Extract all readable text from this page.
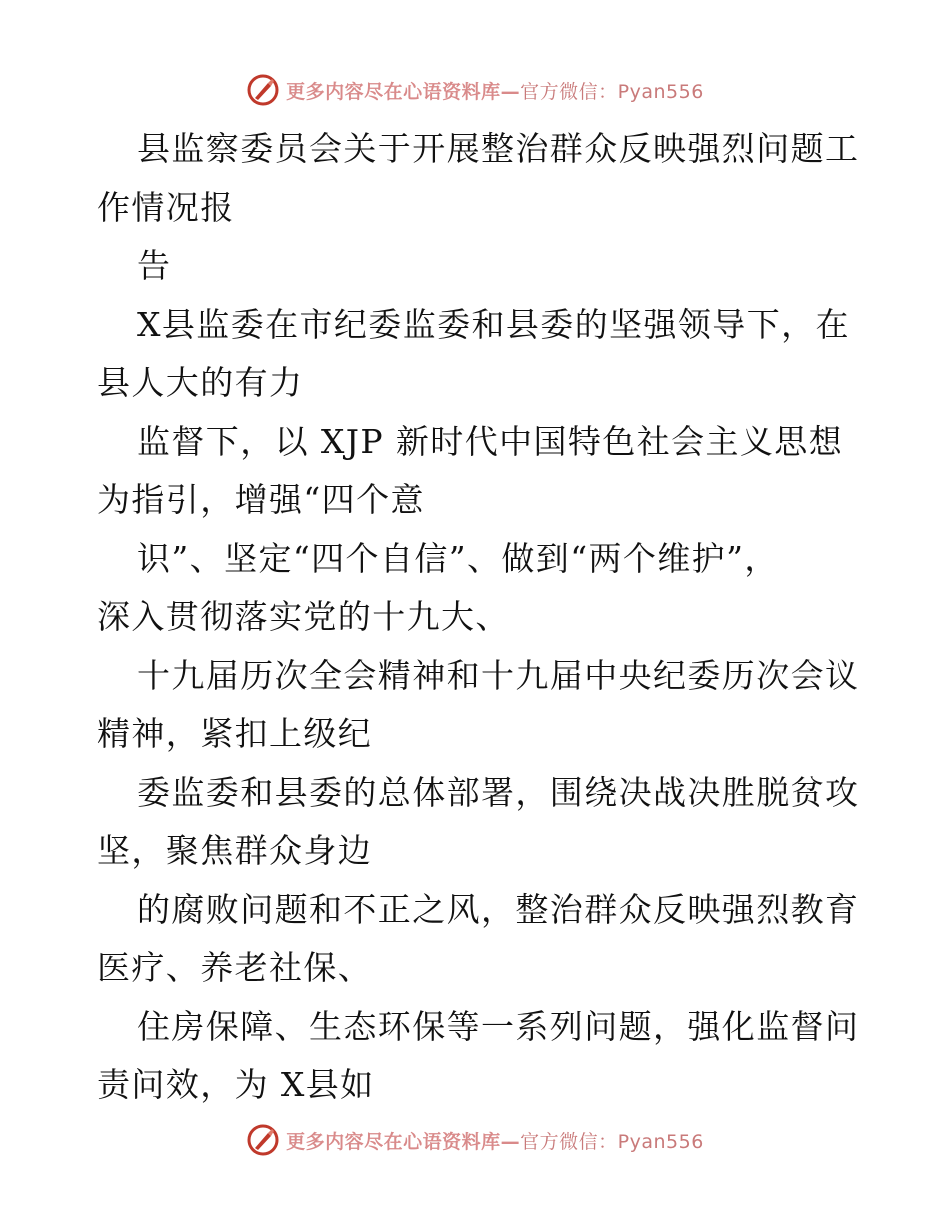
更多内容尽在心语资料库—官方微信：Pyan556
县监察委员会关于开展整治群众反映强烈问题工
作情况报
告
X县监委在市纪委监委和县委的坚强领导下，在
县人大的有力
监督下，以 XJP 新时代中国特色社会主义思想
为指引，增强“四个意
识”、坚定“四个自信”、做到“两个维护”，
深入贯彻落实党的十九大、
十九届历次全会精神和十九届中央纪委历次会议
精神，紧扣上级纪
委监委和县委的总体部署，围绕决战决胜脱贫攻
坚，聚焦群众身边
的腐败问题和不正之风，整治群众反映强烈教育
医疗、养老社保、
住房保障、生态环保等一系列问题，强化监督问
责问效，为 X县如
更多内容尽在心语资料库—官方微信：Pyan556
